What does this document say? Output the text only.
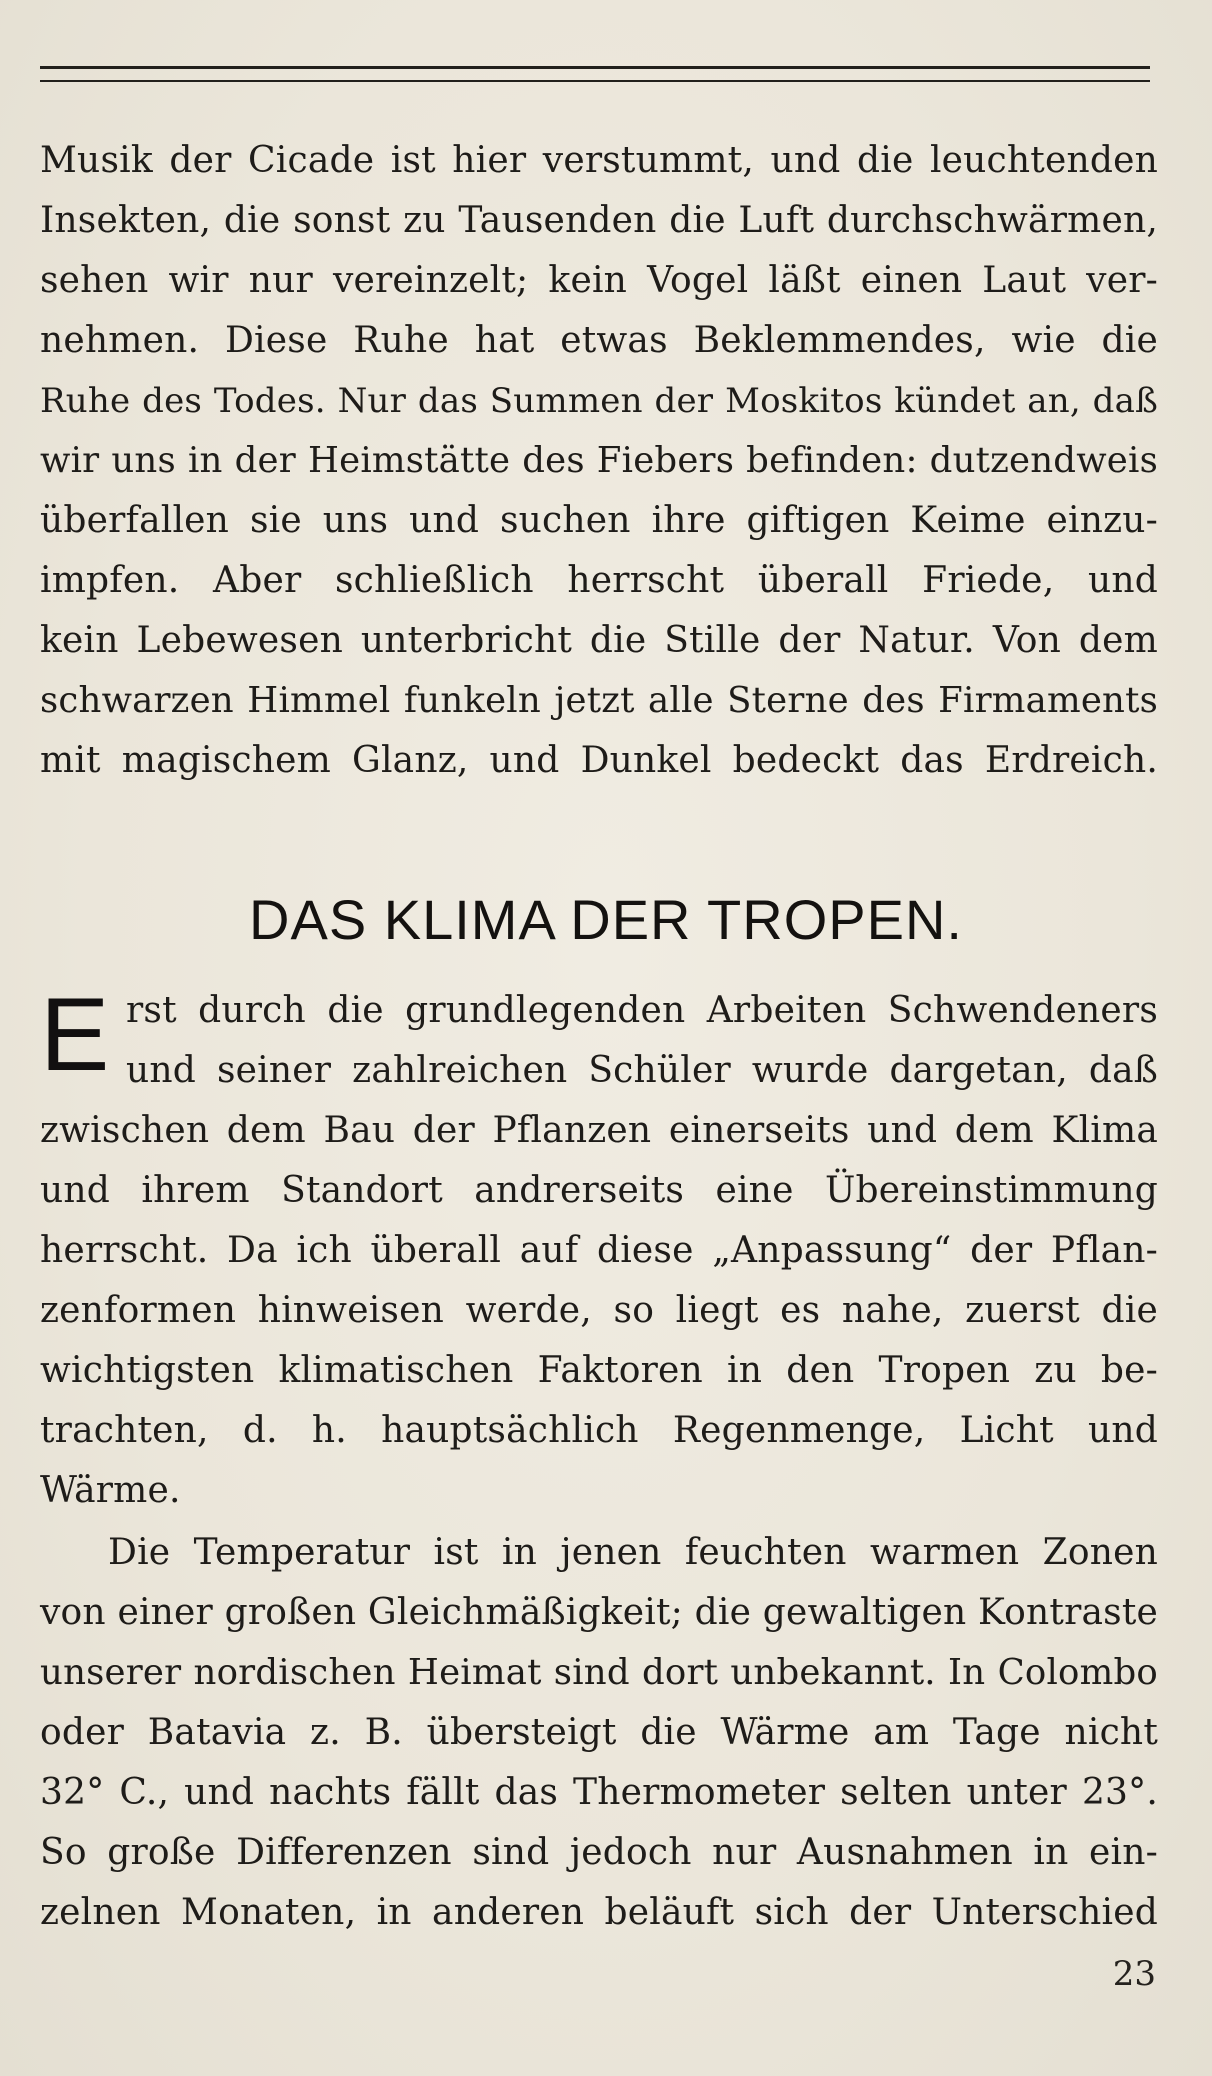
Musik der Cicade ist hier verstummt, und die leuchtenden
Insekten, die sonst zu Tausenden die Luft durchschwärmen,
sehen wir nur vereinzelt; kein Vogel läßt einen Laut ver-
nehmen. Diese Ruhe hat etwas Beklemmendes, wie die
Ruhe des Todes. Nur das Summen der Moskitos kündet an, daß
wir uns in der Heimstätte des Fiebers befinden: dutzendweis
überfallen sie uns und suchen ihre giftigen Keime einzu-
impfen. Aber schließlich herrscht überall Friede, und
kein Lebewesen unterbricht die Stille der Natur. Von dem
schwarzen Himmel funkeln jetzt alle Sterne des Firmaments
mit magischem Glanz, und Dunkel bedeckt das Erdreich.
DAS KLIMA DER TROPEN.
E rst durch die grundlegenden Arbeiten Schwendeners
und seiner zahlreichen Schüler wurde dargetan, daß
zwischen dem Bau der Pflanzen einerseits und dem Klima
und ihrem Standort andrerseits eine Übereinstimmung
herrscht. Da ich überall auf diese „Anpassung“ der Pflan-
zenformen hinweisen werde, so liegt es nahe, zuerst die
wichtigsten klimatischen Faktoren in den Tropen zu be-
trachten, d. h. hauptsächlich Regenmenge, Licht und
Wärme.
Die Temperatur ist in jenen feuchten warmen Zonen
von einer großen Gleichmäßigkeit; die gewaltigen Kontraste
unserer nordischen Heimat sind dort unbekannt. In Colombo
oder Batavia z. B. übersteigt die Wärme am Tage nicht
32° C., und nachts fällt das Thermometer selten unter 23°.
So große Differenzen sind jedoch nur Ausnahmen in ein-
zelnen Monaten, in anderen beläuft sich der Unterschied
23
